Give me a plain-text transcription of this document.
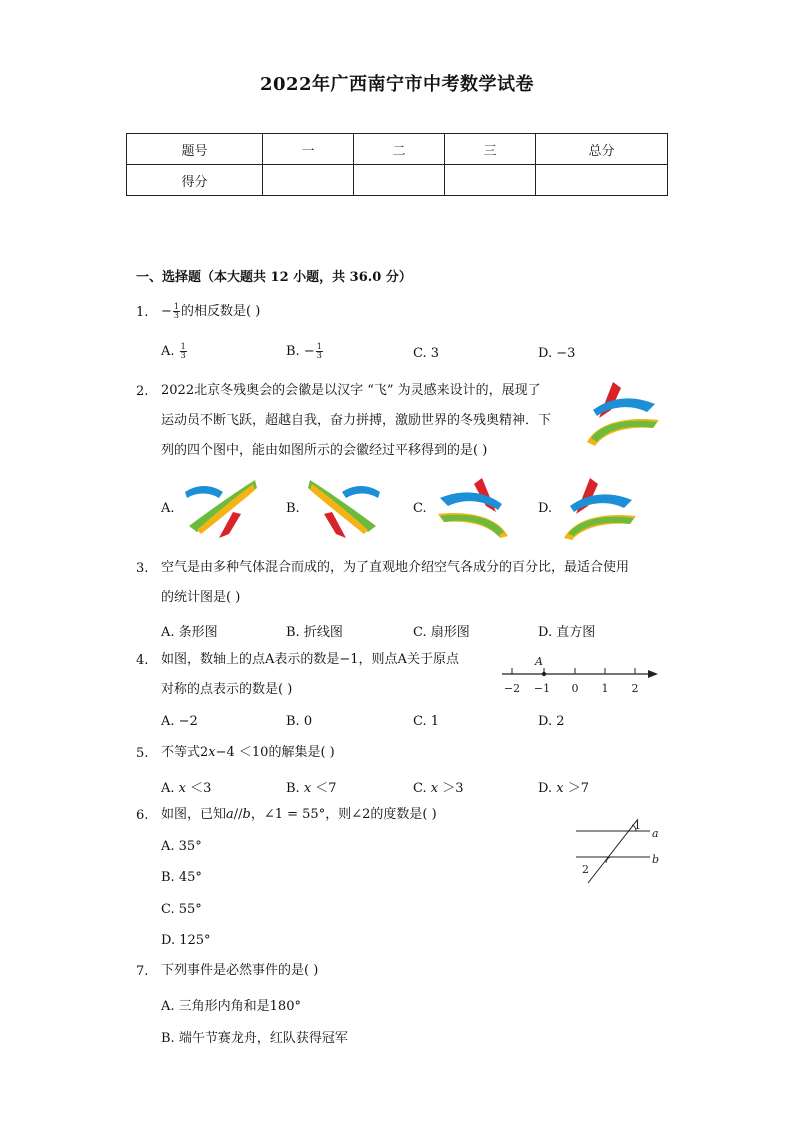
2022年广西南宁市中考数学试卷
题号	一	二	三	总分
得分				
一、选择题（本大题共 12 小题，共 36.0 分）
1. − $\frac{1}{3}$ 的相反数是( )
A. $\frac{1}{3}$	B. − $\frac{1}{3}$	C. 3	D. −3
2. 2022北京冬残奥会的会徽是以汉字 “飞” 为灵感来设计的，展现了
运动员不断飞跃，超越自我，奋力拼搏，激励世界的冬残奥精神．下
列的四个图中，能由如图所示的会徽经过平移得到的是( )
A.	B.	C.	D.
3. 空气是由多种气体混合而成的，为了直观地介绍空气各成分的百分比，最适合使用
的统计图是( )
A. 条形图	B. 折线图	C. 扇形图	D. 直方图
4. 如图，数轴上的点A表示的数是−1，则点A关于原点
对称的点表示的数是( )
A
−2 −1 0 1 2
A. −2	B. 0	C. 1	D. 2
5. 不等式2𝑥−4 ＜10的解集是( )
A. 𝑥 ＜3	B. 𝑥 ＜7	C. 𝑥 ＞3	D. 𝑥 ＞7
6. 如图，已知𝑎//𝑏，∠1 = 55°，则∠2的度数是( )
A. 35°
B. 45°
C. 55°
D. 125°
1
2
a
b
7. 下列事件是必然事件的是( )
A. 三角形内角和是180°
B. 端午节赛龙舟，红队获得冠军
